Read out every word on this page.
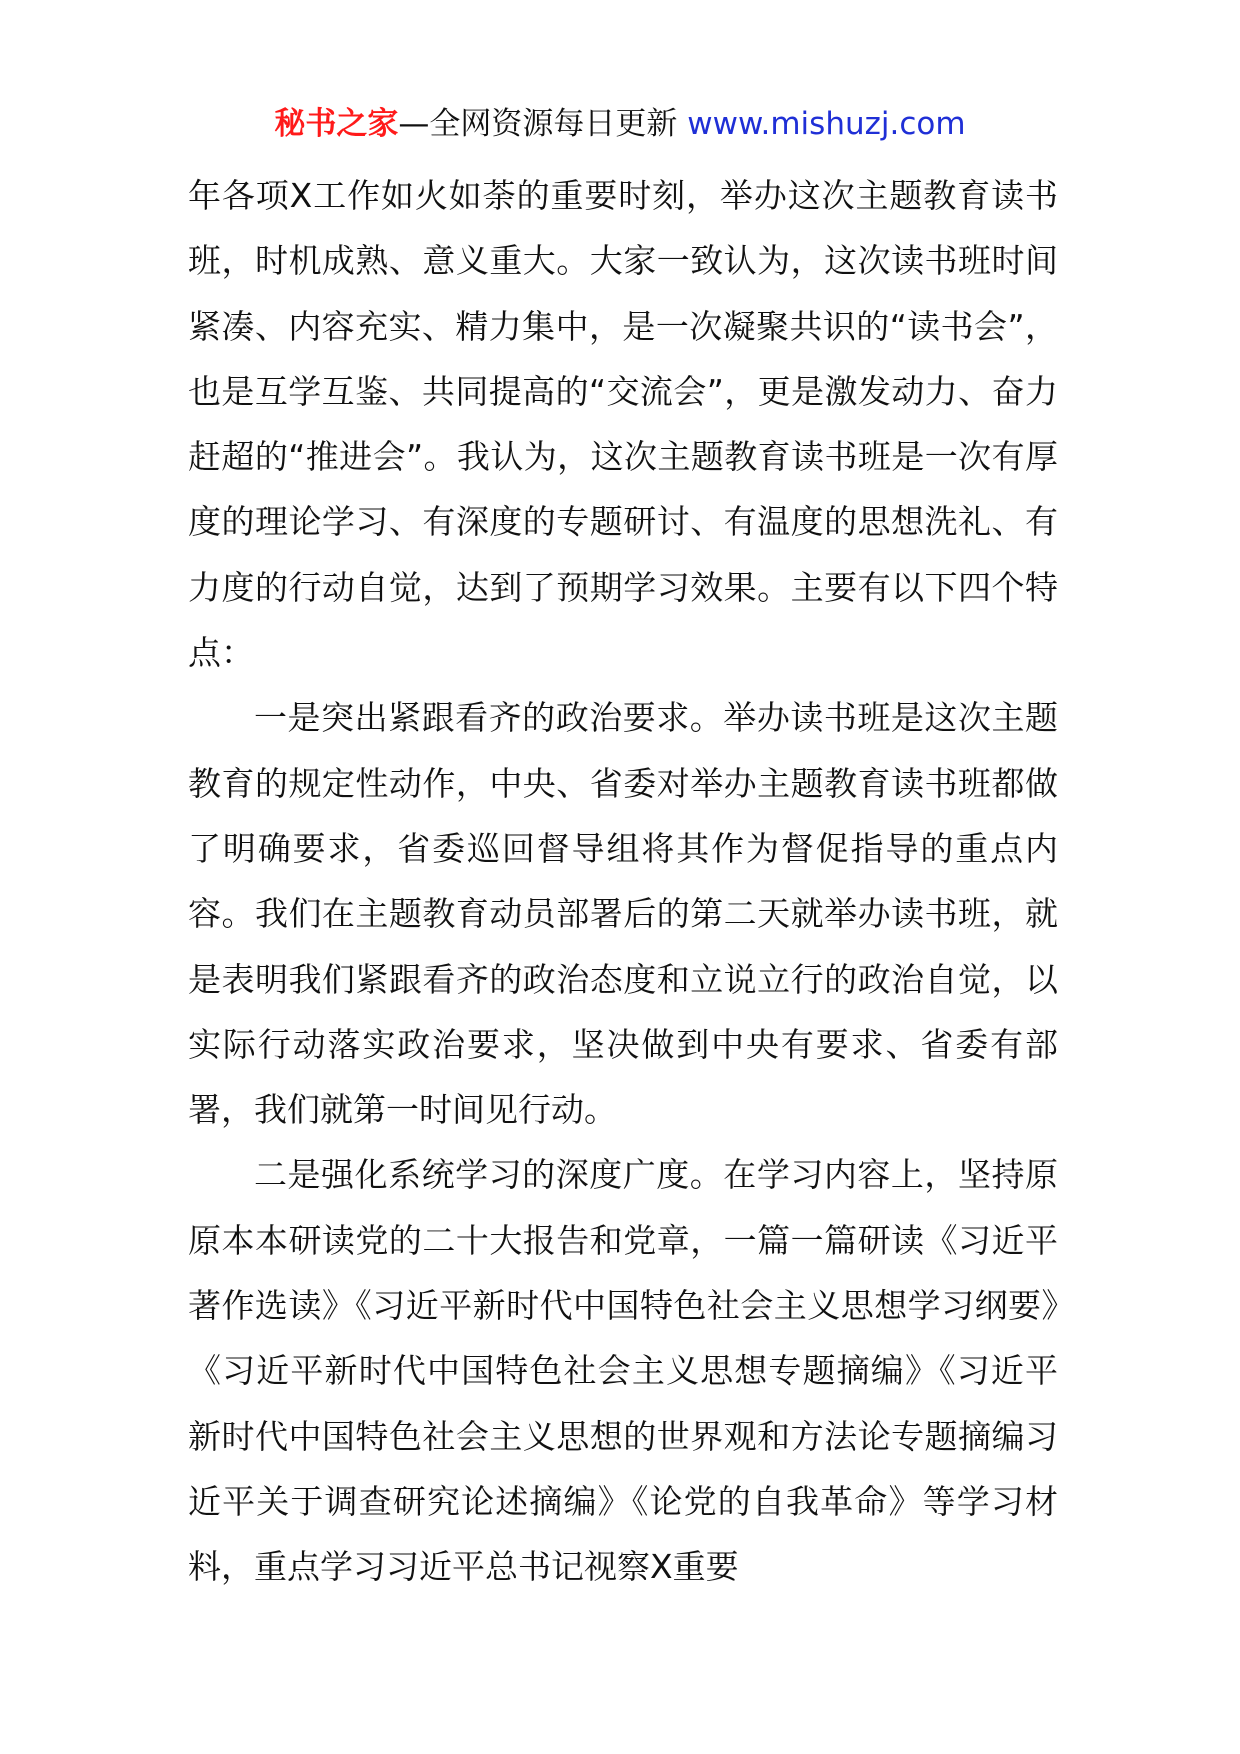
秘书之家—全网资源每日更新 www.mishuzj.com

年各项X工作如火如荼的重要时刻，举办这次主题教育读书班，时机成熟、意义重大。大家一致认为，这次读书班时间紧凑、内容充实、精力集中，是一次凝聚共识的“读书会”，也是互学互鉴、共同提高的“交流会”，更是激发动力、奋力赶超的“推进会”。我认为，这次主题教育读书班是一次有厚度的理论学习、有深度的专题研讨、有温度的思想洗礼、有力度的行动自觉，达到了预期学习效果。主要有以下四个特点：

一是突出紧跟看齐的政治要求。举办读书班是这次主题教育的规定性动作，中央、省委对举办主题教育读书班都做了明确要求，省委巡回督导组将其作为督促指导的重点内容。我们在主题教育动员部署后的第二天就举办读书班，就是表明我们紧跟看齐的政治态度和立说立行的政治自觉，以实际行动落实政治要求，坚决做到中央有要求、省委有部署，我们就第一时间见行动。

二是强化系统学习的深度广度。在学习内容上，坚持原原本本研读党的二十大报告和党章，一篇一篇研读《习近平著作选读》《习近平新时代中国特色社会主义思想学习纲要》《习近平新时代中国特色社会主义思想专题摘编》《习近平新时代中国特色社会主义思想的世界观和方法论专题摘编习近平关于调查研究论述摘编》《论党的自我革命》等学习材料，重点学习习近平总书记视察X重要
